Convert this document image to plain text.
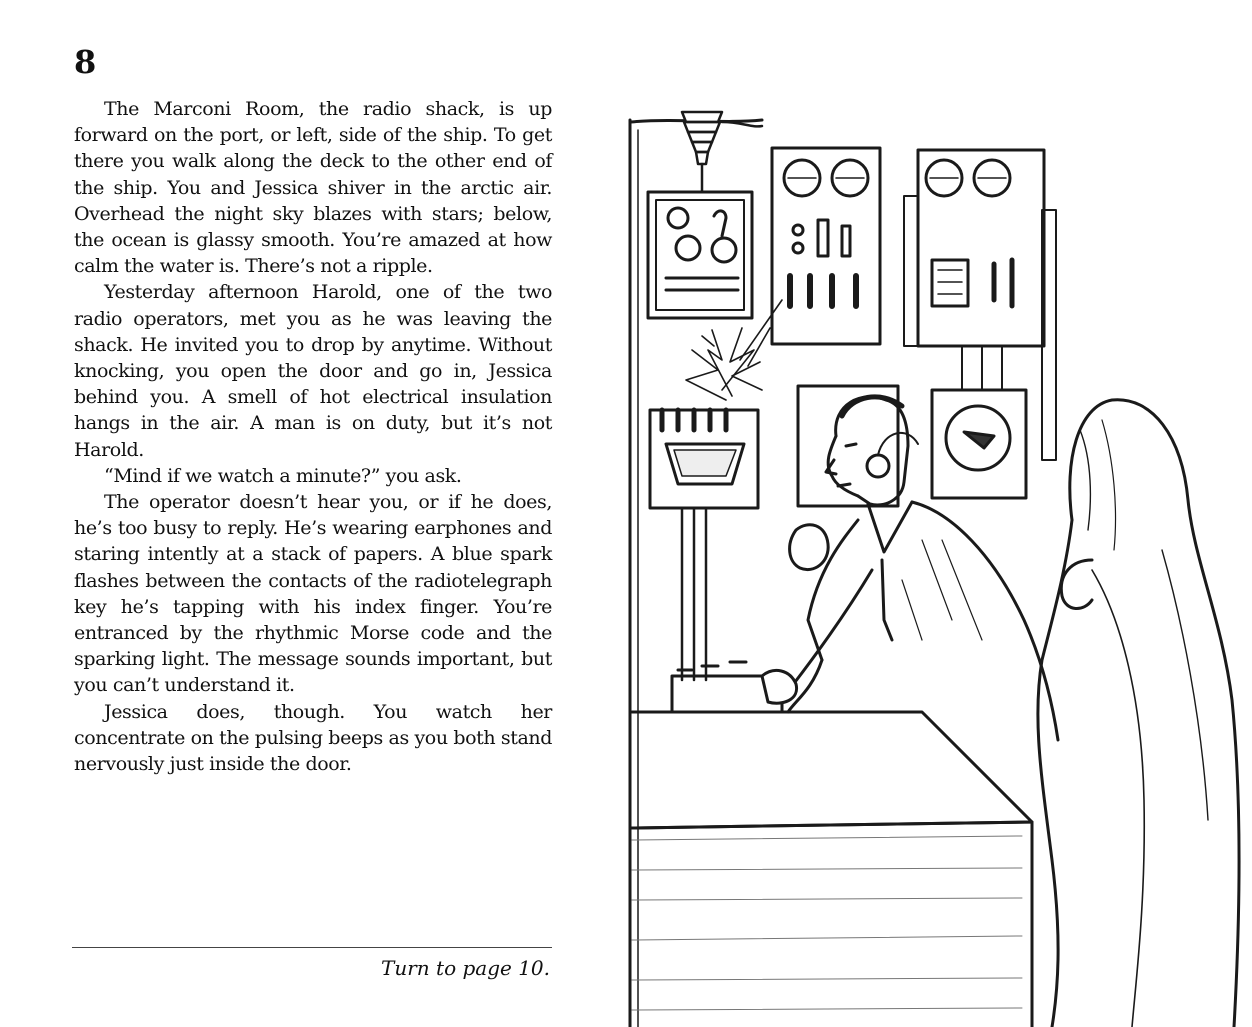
8

The Marconi Room, the radio shack, is up forward on the port, or left, side of the ship. To get there you walk along the deck to the other end of the ship. You and Jessica shiver in the arctic air. Overhead the night sky blazes with stars; below, the ocean is glassy smooth. You’re amazed at how calm the water is. There’s not a ripple.

Yesterday afternoon Harold, one of the two radio operators, met you as he was leaving the shack. He invited you to drop by anytime. Without knocking, you open the door and go in, Jessica behind you. A smell of hot electrical insulation hangs in the air. A man is on duty, but it’s not Harold.

“Mind if we watch a minute?” you ask.

The operator doesn’t hear you, or if he does, he’s too busy to reply. He’s wearing earphones and staring intently at a stack of papers. A blue spark flashes between the contacts of the radiotelegraph key he’s tapping with his index finger. You’re entranced by the rhythmic Morse code and the sparking light. The message sounds important, but you can’t understand it.

Jessica does, though. You watch her concentrate on the pulsing beeps as you both stand nervously just inside the door.

Turn to page 10.
